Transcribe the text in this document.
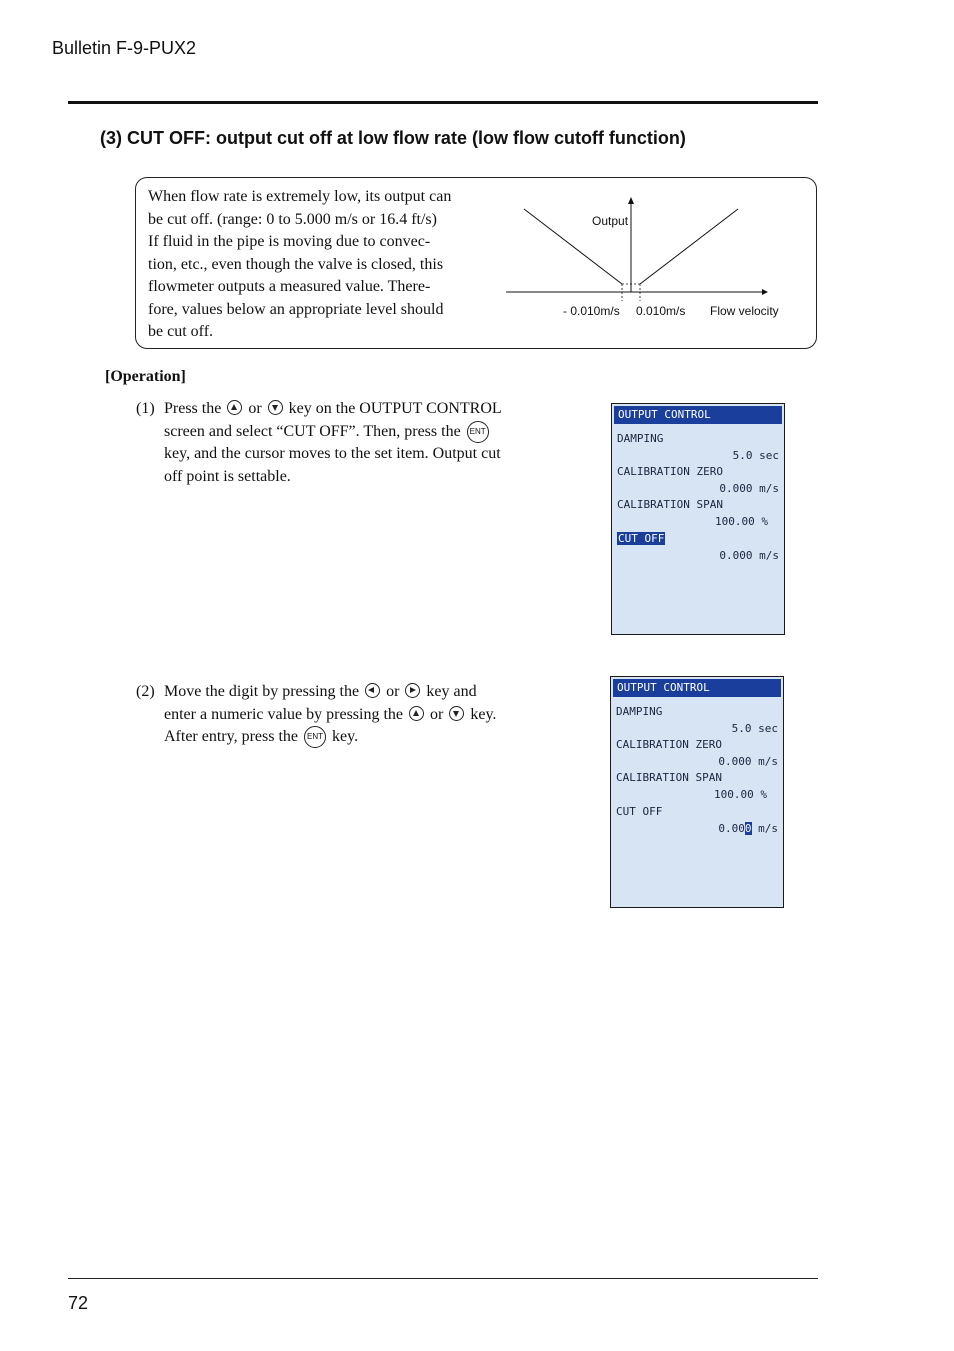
Bulletin F-9-PUX2
(3) CUT OFF: output cut off at low flow rate (low flow cutoff function)
When flow rate is extremely low, its output can
be cut off. (range: 0 to 5.000 m/s or 16.4 ft/s)
If fluid in the pipe is moving due to convec-
tion, etc., even though the valve is closed, this
flowmeter outputs a measured value. There-
fore, values below an appropriate level should
be cut off.
Output
- 0.010m/s 0.010m/s Flow velocity
[Operation]
(1) Press the or key on the OUTPUT CONTROL
screen and select “CUT OFF”. Then, press the ENT
key, and the cursor moves to the set item. Output cut
off point is settable.
(2) Move the digit by pressing the or key and
enter a numeric value by pressing the or key.
After entry, press the ENT key.
OUTPUT CONTROL
DAMPING
5.0 sec
CALIBRATION ZERO
0.000 m/s
CALIBRATION SPAN
100.00 %
CUT OFF
0.000 m/s
OUTPUT CONTROL
DAMPING
5.0 sec
CALIBRATION ZERO
0.000 m/s
CALIBRATION SPAN
100.00 %
CUT OFF
0.000 m/s
72
